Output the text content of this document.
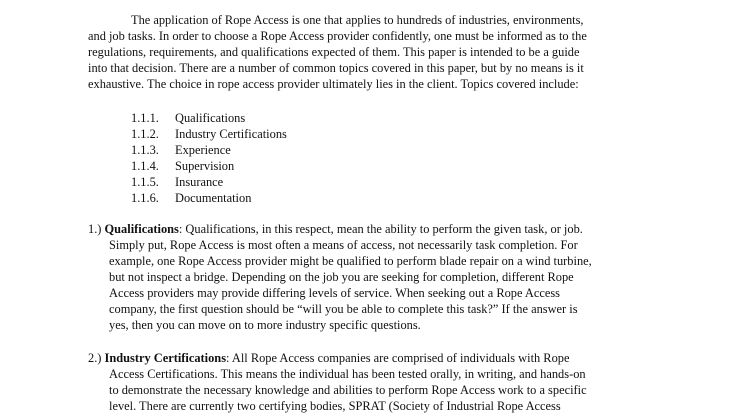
The application of Rope Access is one that applies to hundreds of industries, environments,
and job tasks. In order to choose a Rope Access provider confidently, one must be informed as to the
regulations, requirements, and qualifications expected of them. This paper is intended to be a guide
into that decision. There are a number of common topics covered in this paper, but by no means is it
exhaustive. The choice in rope access provider ultimately lies in the client. Topics covered include:

1.1.1. Qualifications
1.1.2. Industry Certifications
1.1.3. Experience
1.1.4. Supervision
1.1.5. Insurance
1.1.6. Documentation
1.) Qualifications: Qualifications, in this respect, mean the ability to perform the given task, or job.
Simply put, Rope Access is most often a means of access, not necessarily task completion. For
example, one Rope Access provider might be qualified to perform blade repair on a wind turbine,
but not inspect a bridge. Depending on the job you are seeking for completion, different Rope
Access providers may provide differing levels of service. When seeking out a Rope Access
company, the first question should be “will you be able to complete this task?” If the answer is
yes, then you can move on to more industry specific questions.
2.) Industry Certifications: All Rope Access companies are comprised of individuals with Rope
Access Certifications. This means the individual has been tested orally, in writing, and hands-on
to demonstrate the necessary knowledge and abilities to perform Rope Access work to a specific
level. There are currently two certifying bodies, SPRAT (Society of Industrial Rope Access
